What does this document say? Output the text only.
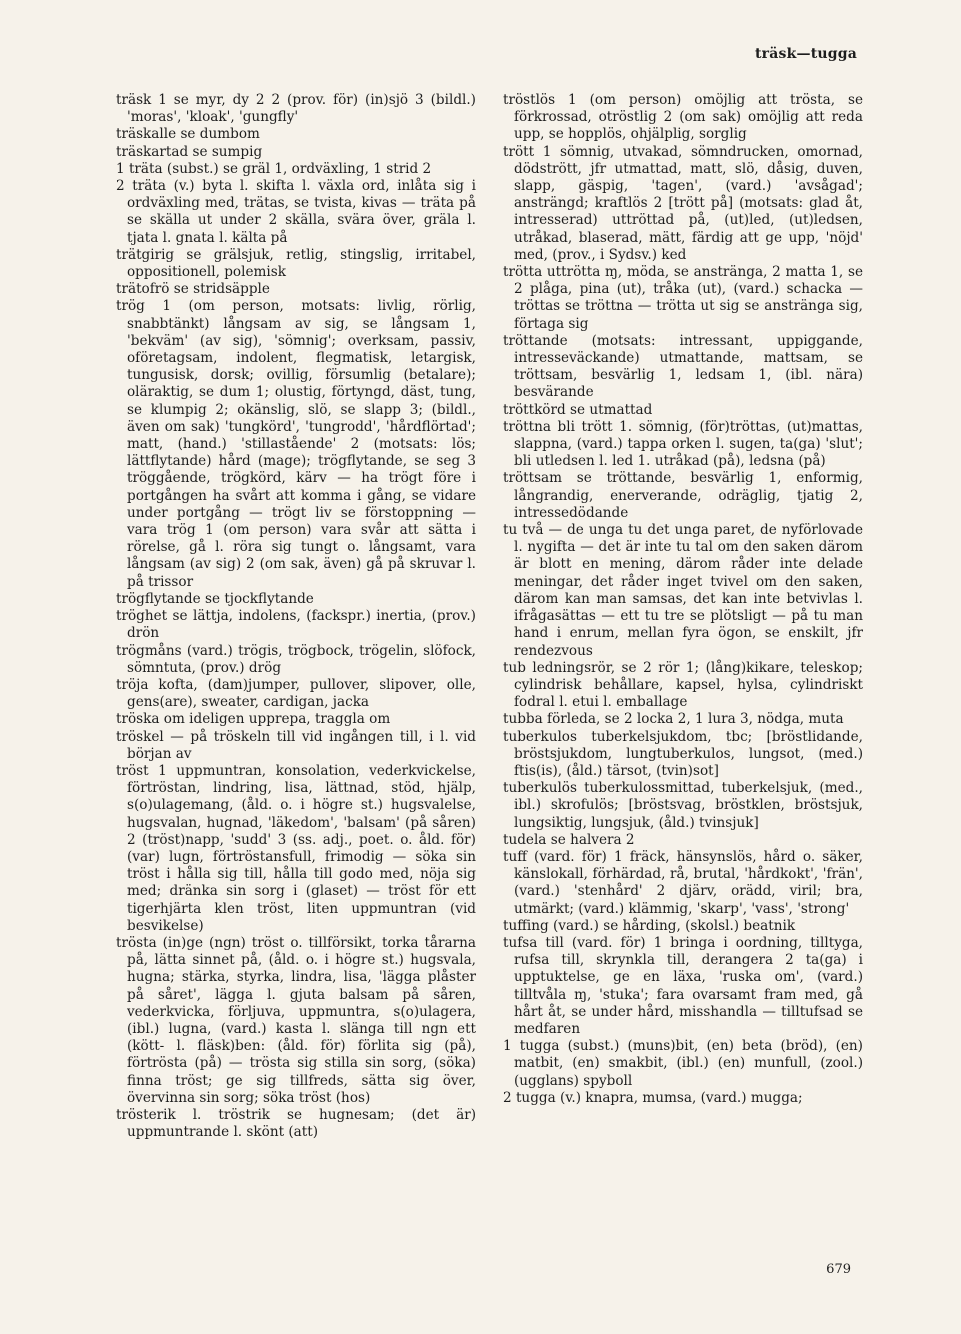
träsk—tugga

träsk 1 se myr, dy 2 2 (prov. för) (in)sjö 3 (bildl.) 'moras', 'kloak', 'gungfly'

träskalle se dumbom

träskartad se sumpig

1 träta (subst.) se gräl 1, ordväxling, 1 strid 2

2 träta (v.) byta l. skifta l. växla ord, inlåta sig i ordväxling med, trätas, se tvista, kivas — träta på se skälla ut under 2 skälla, svära över, gräla l. tjata l. gnata l. kälta på

trätgirig se grälsjuk, retlig, stingslig, irritabel, oppositionell, polemisk

trätofrö se stridsäpple

trög 1 (om person, motsats: livlig, rörlig, snabbtänkt) långsam av sig, se långsam 1, 'bekväm' (av sig), 'sömnig'; overksam, passiv, oföretagsam, indolent, flegmatisk, letargisk, tungusisk, dorsk; ovillig, försumlig (betalare); oläraktig, se dum 1; olustig, förtyngd, däst, tung, se klumpig 2; okänslig, slö, se slapp 3; (bildl., även om sak) 'tungkörd', 'tungrodd', 'hårdflörtad'; matt, (hand.) 'stillastående' 2 (motsats: lös; lättflytande) hård (mage); trögflytande, se seg 3 tröggående, trögkörd, kärv — ha trögt före i portgången ha svårt att komma i gång, se vidare under portgång — trögt liv se förstoppning — vara trög 1 (om person) vara svår att sätta i rörelse, gå l. röra sig tungt o. långsamt, vara långsam (av sig) 2 (om sak, även) gå på skruvar l. på trissor

trögflytande se tjockflytande

tröghet se lättja, indolens, (fackspr.) inertia, (prov.) drön

trögmåns (vard.) trögis, trögbock, trögelin, slöfock, sömntuta, (prov.) drög

tröja kofta, (dam)jumper, pullover, slipover, olle, gens(are), sweater, cardigan, jacka

tröska om ideligen upprepa, traggla om

tröskel — på tröskeln till vid ingången till, i l. vid början av

tröst 1 uppmuntran, konsolation, vederkvickelse, förtröstan, lindring, lisa, lättnad, stöd, hjälp, s(o)ulagemang, (åld. o. i högre st.) hugsvalelse, hugsvalan, hugnad, 'läkedom', 'balsam' (på såren) 2 (tröst)napp, 'sudd' 3 (ss. adj., poet. o. åld. för) (var) lugn, förtröstansfull, frimodig — söka sin tröst i hålla sig till, hålla till godo med, nöja sig med; dränka sin sorg i (glaset) — tröst för ett tigerhjärta klen tröst, liten uppmuntran (vid besvikelse)

trösta (in)ge (ngn) tröst o. tillförsikt, torka tårarna på, lätta sinnet på, (åld. o. i högre st.) hugsvala, hugna; stärka, styrka, lindra, lisa, 'lägga plåster på såret', lägga l. gjuta balsam på såren, vederkvicka, förljuva, uppmuntra, s(o)ulagera, (ibl.) lugna, (vard.) kasta l. slänga till ngn ett (kött- l. fläsk)ben: (åld. för) förlita sig (på), förtrösta (på) — trösta sig stilla sin sorg, (söka) finna tröst; ge sig tillfreds, sätta sig över, övervinna sin sorg; söka tröst (hos)

trösterik l. tröstrik se hugnesam; (det är) uppmuntrande l. skönt (att)

tröstlös 1 (om person) omöjlig att trösta, se förkrossad, otröstlig 2 (om sak) omöjlig att reda upp, se hopplös, ohjälplig, sorglig

trött 1 sömnig, utvakad, sömndrucken, omornad, dödstrött, jfr utmattad, matt, slö, dåsig, duven, slapp, gäspig, 'tagen', (vard.) 'avsågad'; ansträngd; kraftlös 2 [trött på] (motsats: glad åt, intresserad) uttröttad på, (ut)led, (ut)ledsen, utråkad, blaserad, mätt, färdig att ge upp, 'nöjd' med, (prov., i Sydsv.) ked

trötta uttrötta ɱ, möda, se anstränga, 2 matta 1, se 2 plåga, pina (ut), tråka (ut), (vard.) schacka — tröttas se tröttna — trötta ut sig se anstränga sig, förtaga sig

tröttande (motsats: intressant, uppiggande, intresseväckande) utmattande, mattsam, se tröttsam, besvärlig 1, ledsam 1, (ibl. nära) besvärande

tröttkörd se utmattad

tröttna bli trött 1. sömnig, (för)tröttas, (ut)mattas, slappna, (vard.) tappa orken l. sugen, ta(ga) 'slut'; bli utledsen l. led 1. utråkad (på), ledsna (på)

tröttsam se tröttande, besvärlig 1, enformig, långrandig, enerverande, odräglig, tjatig 2, intressedödande

tu två — de unga tu det unga paret, de nyförlovade l. nygifta — det är inte tu tal om den saken därom är blott en mening, därom råder inte delade meningar, det råder inget tvivel om den saken, därom kan man samsas, det kan inte betvivlas l. ifrågasättas — ett tu tre se plötsligt — på tu man hand i enrum, mellan fyra ögon, se enskilt, jfr rendezvous

tub ledningsrör, se 2 rör 1; (lång)kikare, teleskop; cylindrisk behållare, kapsel, hylsa, cylindriskt fodral l. etui l. emballage

tubba förleda, se 2 locka 2, 1 lura 3, nödga, muta

tuberkulos tuberkelsjukdom, tbc; [bröstlidande, bröstsjukdom, lungtuberkulos, lungsot, (med.) ftis(is), (åld.) tärsot, (tvin)sot]

tuberkulös tuberkulossmittad, tuberkelsjuk, (med., ibl.) skrofulös; [bröstsvag, bröstklen, bröstsjuk, lungsiktig, lungsjuk, (åld.) tvinsjuk]

tudela se halvera 2

tuff (vard. för) 1 fräck, hänsynslös, hård o. säker, känslokall, förhärdad, rå, brutal, 'hårdkokt', 'frän', (vard.) 'stenhård' 2 djärv, orädd, viril; bra, utmärkt; (vard.) klämmig, 'skarp', 'vass', 'strong'

tuffing (vard.) se hårding, (skolsl.) beatnik

tufsa till (vard. för) 1 bringa i oordning, tilltyga, rufsa till, skrynkla till, derangera 2 ta(ga) i upptuktelse, ge en läxa, 'ruska om', (vard.) tilltvåla ɱ, 'stuka'; fara ovarsamt fram med, gå hårt åt, se under hård, misshandla — tilltufsad se medfaren

1 tugga (subst.) (muns)bit, (en) beta (bröd), (en) matbit, (en) smakbit, (ibl.) (en) munfull, (zool.) (ugglans) spyboll

2 tugga (v.) knapra, mumsa, (vard.) mugga;

679
